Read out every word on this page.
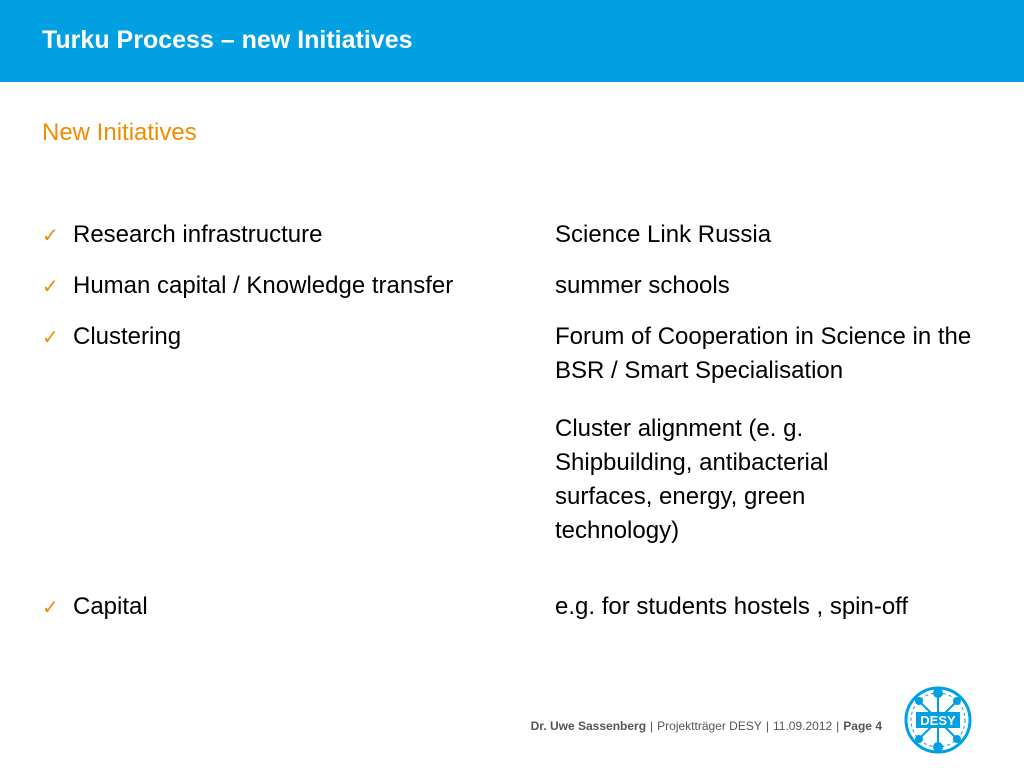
Turku Process – new Initiatives
New Initiatives
✓ Research infrastructure	Science Link Russia
✓ Human capital / Knowledge transfer	summer schools
✓ Clustering	Forum of Cooperation in Science in the BSR / Smart Specialisation
Cluster alignment (e. g. Shipbuilding, antibacterial surfaces, energy, green technology)
✓ Capital	e.g. for students hostels , spin-off
Dr. Uwe Sassenberg | Projektträger DESY | 11.09.2012 | Page 4	DESY
